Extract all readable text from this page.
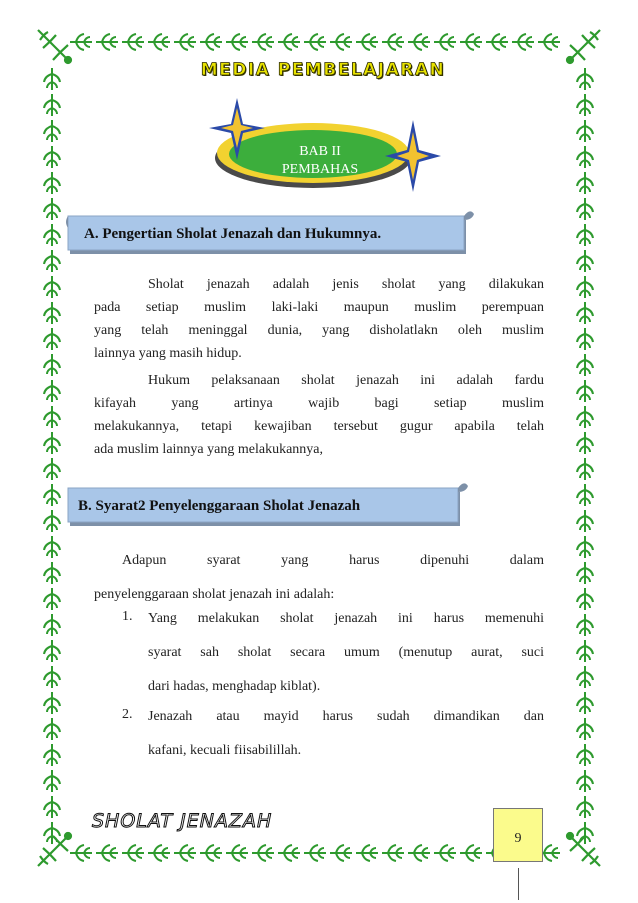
MEDIA PEMBELAJARAN
BAB II
PEMBAHAS
A. Pengertian Sholat Jenazah dan Hukumnya.
Sholat jenazah adalah jenis sholat yang dilakukan
pada setiap muslim laki-laki maupun muslim perempuan
yang telah meninggal dunia, yang disholatlakn oleh muslim
lainnya yang masih hidup.
Hukum pelaksanaan sholat jenazah ini adalah fardu
kifayah yang artinya wajib bagi setiap muslim
melakukannya, tetapi kewajiban tersebut gugur apabila telah
ada muslim lainnya yang melakukannya,
B. Syarat2 Penyelenggaraan Sholat Jenazah
Adapun syarat yang harus dipenuhi dalam
penyelenggaraan sholat jenazah ini adalah:
1. Yang melakukan sholat jenazah ini harus memenuhi
syarat sah sholat secara umum (menutup aurat, suci
dari hadas, menghadap kiblat).
2. Jenazah atau mayid harus sudah dimandikan dan
kafani, kecuali fiisabilillah.
SHOLAT JENAZAH
9
